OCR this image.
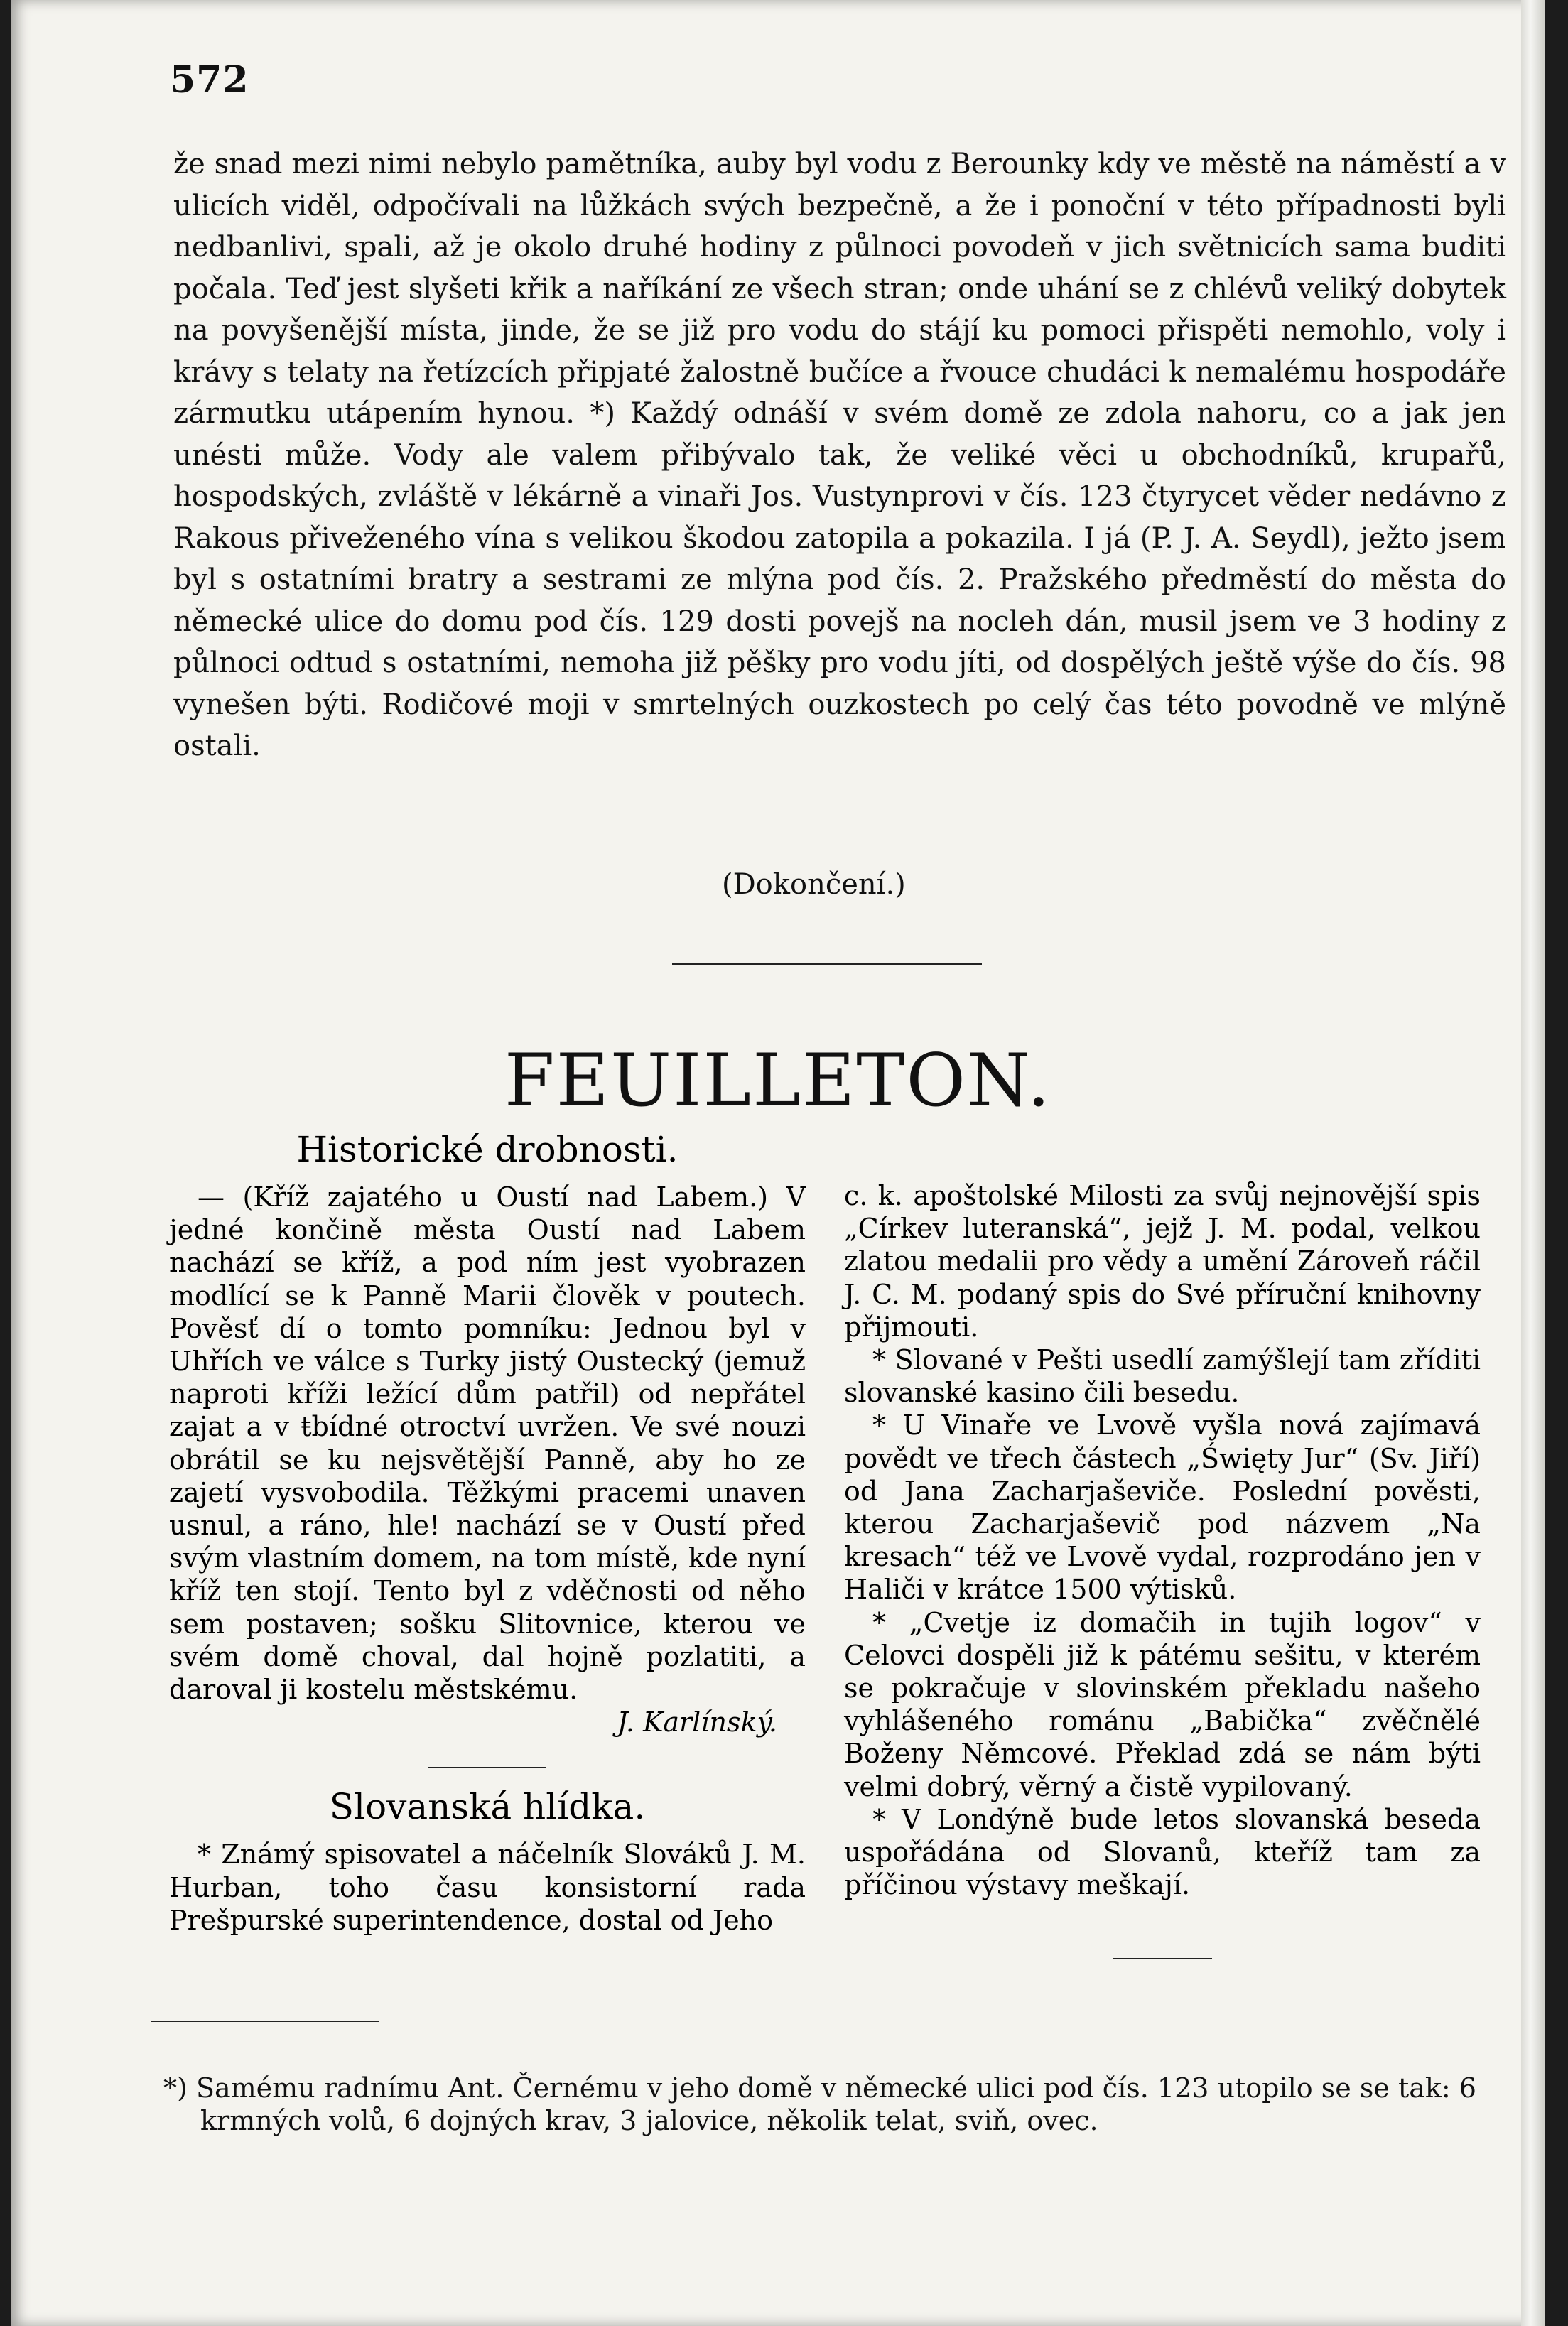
572
že snad mezi nimi nebylo pamětníka, auby byl vodu z Berounky kdy ve městě na náměstí a v ulicích viděl, odpočívali na lůžkách svých bezpečně, a že i ponoční v této případnosti byli nedbanlivi, spali, až je okolo druhé hodiny z půlnoci povodeň v jich světnicích sama buditi počala. Teď jest slyšeti křik a naříkání ze všech stran; onde uhání se z chlévů veliký dobytek na povyšenější místa, jinde, že se již pro vodu do stájí ku pomoci přispěti nemohlo, voly i krávy s telaty na řetízcích připjaté žalostně bučíce a řvouce chudáci k nemalému hospodáře zármutku utápením hynou. *) Každý odnáší v svém domě ze zdola nahoru, co a jak jen unésti může. Vody ale valem přibývalo tak, že veliké věci u obchodníků, krupařů, hospodských, zvláště v lékárně a vinaři Jos. Vustynprovi v čís. 123 čtyrycet věder nedávno z Rakous přiveženého vína s velikou škodou zatopila a pokazila. I já (P. J. A. Seydl), ježto jsem byl s ostatními bratry a sestrami ze mlýna pod čís. 2. Pražského předměstí do města do německé ulice do domu pod čís. 129 dosti povejš na nocleh dán, musil jsem ve 3 hodiny z půlnoci odtud s ostatními, nemoha již pěšky pro vodu jíti, od dospělých ještě výše do čís. 98 vynešen býti. Rodičové moji v smrtelných ouzkostech po celý čas této povodně ve mlýně ostali.
(Dokončení.)
FEUILLETON.

Historické drobnosti.

— (Kříž zajatého u Oustí nad Labem.) V jedné končině města Oustí nad Labem nachází se kříž, a pod ním jest vyobrazen modlící se k Panně Marii člověk v poutech. Pověsť dí o tomto pomníku: Jednou byl v Uhřích ve válce s Turky jistý Oustecký (jemuž naproti kříži ležící dům patřil) od nepřátel zajat a v ŧbídné otroctví uvržen. Ve své nouzi obrátil se ku nejsvětější Panně, aby ho ze zajetí vysvobodila. Těžkými pracemi unaven usnul, a ráno, hle! nachází se v Oustí před svým vlastním domem, na tom místě, kde nyní kříž ten stojí. Tento byl z vděčnosti od něho sem postaven; sošku Slitovnice, kterou ve svém domě choval, dal hojně pozlatiti, a daroval ji kostelu městskému.

J. Karlínský.

Slovanská hlídka.

* Známý spisovatel a náčelník Slováků J. M. Hurban, toho času konsistorní rada Prešpurské superintendence, dostal od Jeho

c. k. apoštolské Milosti za svůj nejnovější spis „Církev luteranská“, jejž J. M. podal, velkou zlatou medalii pro vědy a umění Zároveň ráčil J. C. M. podaný spis do Své příruční knihovny přijmouti.

* Slované v Pešti usedlí zamýšlejí tam zříditi slovanské kasino čili besedu.

* U Vinaře ve Lvově vyšla nová zajímavá povědt ve třech částech „Święty Jur“ (Sv. Jiří) od Jana Zacharjaševiče. Poslední pověsti, kterou Zacharjaševič pod názvem „Na kresach“ též ve Lvově vydal, rozprodáno jen v Haliči v krátce 1500 výtisků.

* „Cvetje iz domačih in tujih logov“ v Celovci dospěli již k pátému sešitu, v kterém se pokračuje v slovinském překladu našeho vyhlášeného románu „Babička“ zvěčnělé Boženy Němcové. Překlad zdá se nám býti velmi dobrý, věrný a čistě vypilovaný.

* V Londýně bude letos slovanská beseda uspořádána od Slovanů, kteříž tam za příčinou výstavy meškají.

*) Samému radnímu Ant. Černému v jeho domě v německé ulici pod čís. 123 utopilo se se tak: 6 krmných volů, 6 dojných krav, 3 jalovice, několik telat, sviň, ovec.
